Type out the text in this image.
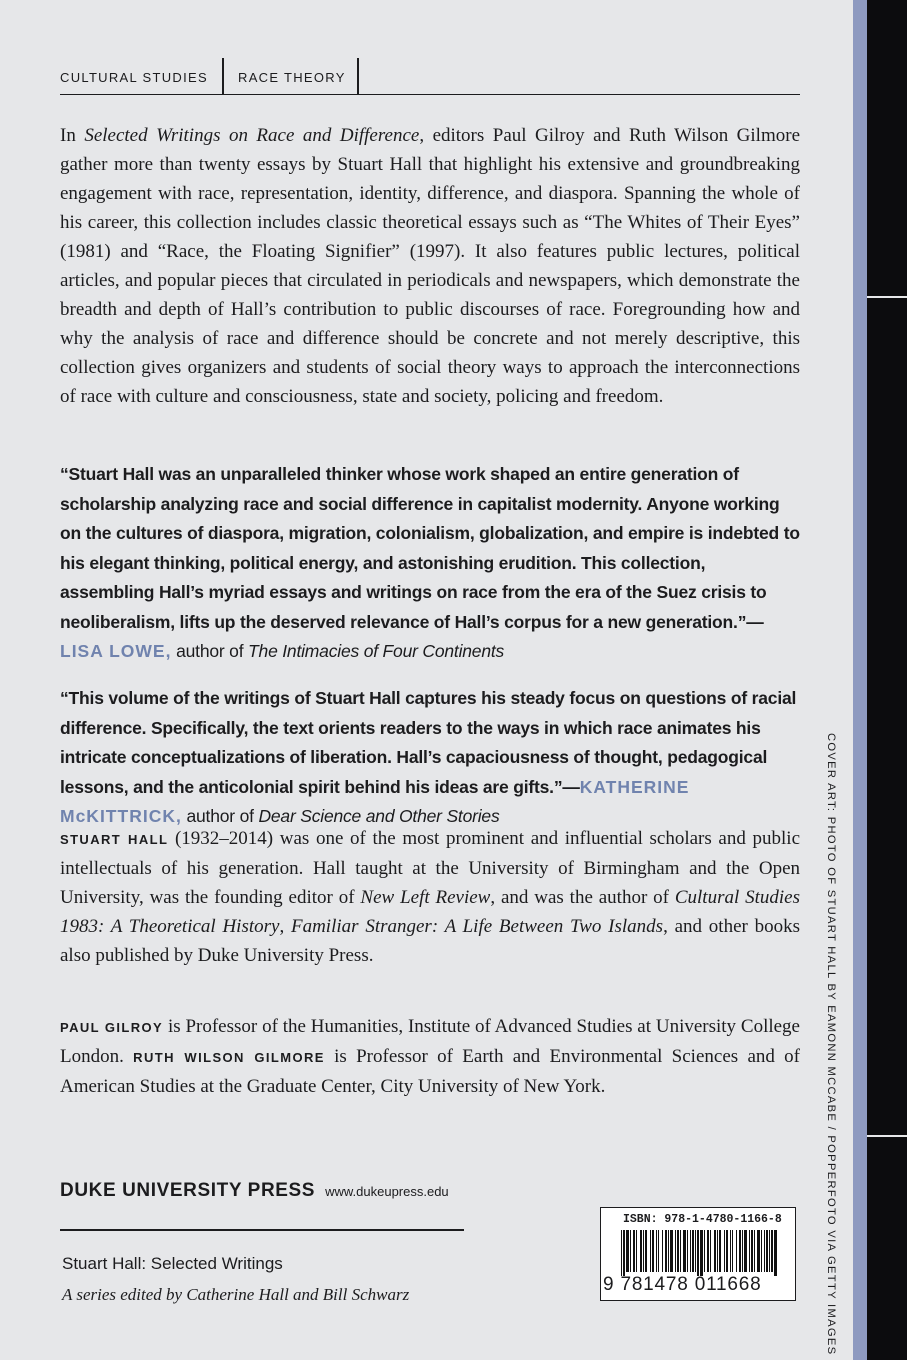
CULTURAL STUDIES RACE THEORY

In Selected Writings on Race and Difference, editors Paul Gilroy and Ruth Wilson Gilmore gather more than twenty essays by Stuart Hall that highlight his extensive and groundbreaking engagement with race, representation, identity, difference, and diaspora. Spanning the whole of his career, this collection includes classic theoretical essays such as “The Whites of Their Eyes” (1981) and “Race, the Floating Signifier” (1997). It also features public lectures, political articles, and popular pieces that circulated in periodicals and newspapers, which demonstrate the breadth and depth of Hall’s contribution to public discourses of race. Foregrounding how and why the analysis of race and difference should be concrete and not merely descriptive, this collection gives organizers and students of social theory ways to approach the interconnections of race with culture and consciousness, state and society, policing and freedom.

“Stuart Hall was an unparalleled thinker whose work shaped an entire generation of scholarship analyzing race and social difference in capitalist modernity. Anyone working on the cultures of diaspora, migration, colonialism, globalization, and empire is indebted to his elegant thinking, political energy, and astonishing erudition. This collection, assembling Hall’s myriad essays and writings on race from the era of the Suez crisis to neoliberalism, lifts up the deserved relevance of Hall’s corpus for a new generation.”—LISA LOWE, author of The Intimacies of Four Continents

“This volume of the writings of Stuart Hall captures his steady focus on questions of racial difference. Specifically, the text orients readers to the ways in which race animates his intricate conceptualizations of liberation. Hall’s capaciousness of thought, pedagogical lessons, and the anticolonial spirit behind his ideas are gifts.”—KATHERINE McKITTRICK, author of Dear Science and Other Stories

STUART HALL (1932–2014) was one of the most prominent and influential scholars and public intellectuals of his generation. Hall taught at the University of Birmingham and the Open University, was the founding editor of New Left Review, and was the author of Cultural Studies 1983: A Theoretical History, Familiar Stranger: A Life Between Two Islands, and other books also published by Duke University Press.

PAUL GILROY is Professor of the Humanities, Institute of Advanced Studies at University College London. RUTH WILSON GILMORE is Professor of Earth and Environmental Sciences and of American Studies at the Graduate Center, City University of New York.

DUKE UNIVERSITY PRESS www.dukeupress.edu
Stuart Hall: Selected Writings
A series edited by Catherine Hall and Bill Schwarz
ISBN: 978-1-4780-1166-8
9 781478 011668	COVER ART: PHOTO OF STUART HALL BY EAMONN MCCABE / POPPERFOTO VIA GETTY IMAGES
